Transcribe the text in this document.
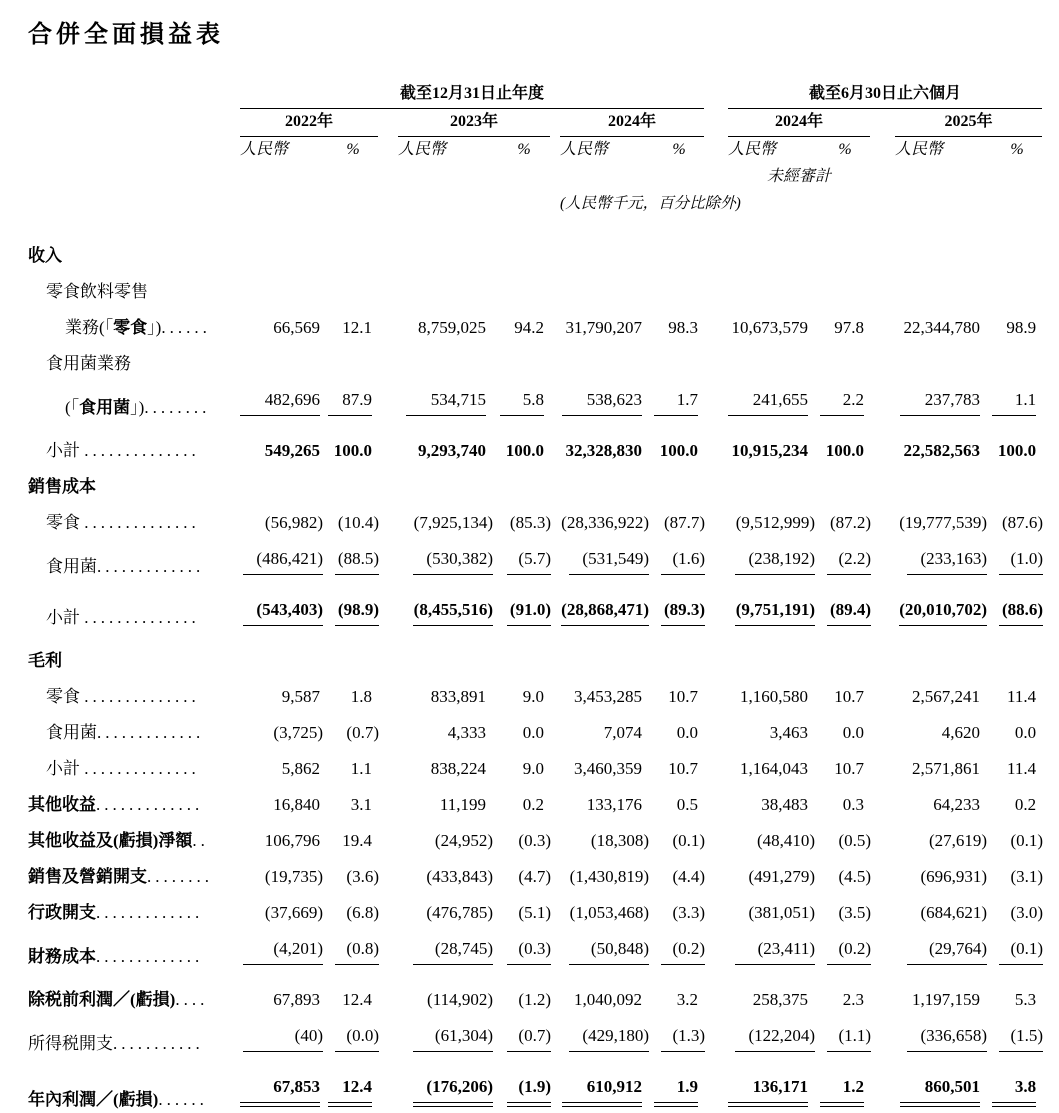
合併全面損益表
	截至12月31日止年度									截至6月30日止六個月				
	2022年			2023年			2024年			2024年			2025年	
	人民幣	%		人民幣	%		人民幣	%		人民幣	%		人民幣	%
										未經審計				
							(人民幣千元，百分比除外)							
收入														
零食飲料零售														
業務(「零食」)......	66,569	12.1		8,759,025	94.2		31,790,207	98.3		10,673,579	97.8		22,344,780	98.9
食用菌業務														
(「食用菌」)........	482,696	87.9		534,715	5.8		538,623	1.7		241,655	2.2		237,783	1.1
小計 ..............	549,265	100.0		9,293,740	100.0		32,328,830	100.0		10,915,234	100.0		22,582,563	100.0
銷售成本														
零食 ..............	(56,982)	(10.4)		(7,925,134)	(85.3)		(28,336,922)	(87.7)		(9,512,999)	(87.2)		(19,777,539)	(87.6)
食用菌.............	(486,421)	(88.5)		(530,382)	(5.7)		(531,549)	(1.6)		(238,192)	(2.2)		(233,163)	(1.0)
小計 ..............	(543,403)	(98.9)		(8,455,516)	(91.0)		(28,868,471)	(89.3)		(9,751,191)	(89.4)		(20,010,702)	(88.6)
毛利														
零食 ..............	9,587	1.8		833,891	9.0		3,453,285	10.7		1,160,580	10.7		2,567,241	11.4
食用菌.............	(3,725)	(0.7)		4,333	0.0		7,074	0.0		3,463	0.0		4,620	0.0
小計 ..............	5,862	1.1		838,224	9.0		3,460,359	10.7		1,164,043	10.7		2,571,861	11.4
其他收益.............	16,840	3.1		11,199	0.2		133,176	0.5		38,483	0.3		64,233	0.2
其他收益及(虧損)淨額..	106,796	19.4		(24,952)	(0.3)		(18,308)	(0.1)		(48,410)	(0.5)		(27,619)	(0.1)
銷售及營銷開支........	(19,735)	(3.6)		(433,843)	(4.7)		(1,430,819)	(4.4)		(491,279)	(4.5)		(696,931)	(3.1)
行政開支.............	(37,669)	(6.8)		(476,785)	(5.1)		(1,053,468)	(3.3)		(381,051)	(3.5)		(684,621)	(3.0)
財務成本.............	(4,201)	(0.8)		(28,745)	(0.3)		(50,848)	(0.2)		(23,411)	(0.2)		(29,764)	(0.1)
除税前利潤／(虧損)....	67,893	12.4		(114,902)	(1.2)		1,040,092	3.2		258,375	2.3		1,197,159	5.3
所得税開支...........	(40)	(0.0)		(61,304)	(0.7)		(429,180)	(1.3)		(122,204)	(1.1)		(336,658)	(1.5)
年內利潤／(虧損)......	67,853	12.4		(176,206)	(1.9)		610,912	1.9		136,171	1.2		860,501	3.8
